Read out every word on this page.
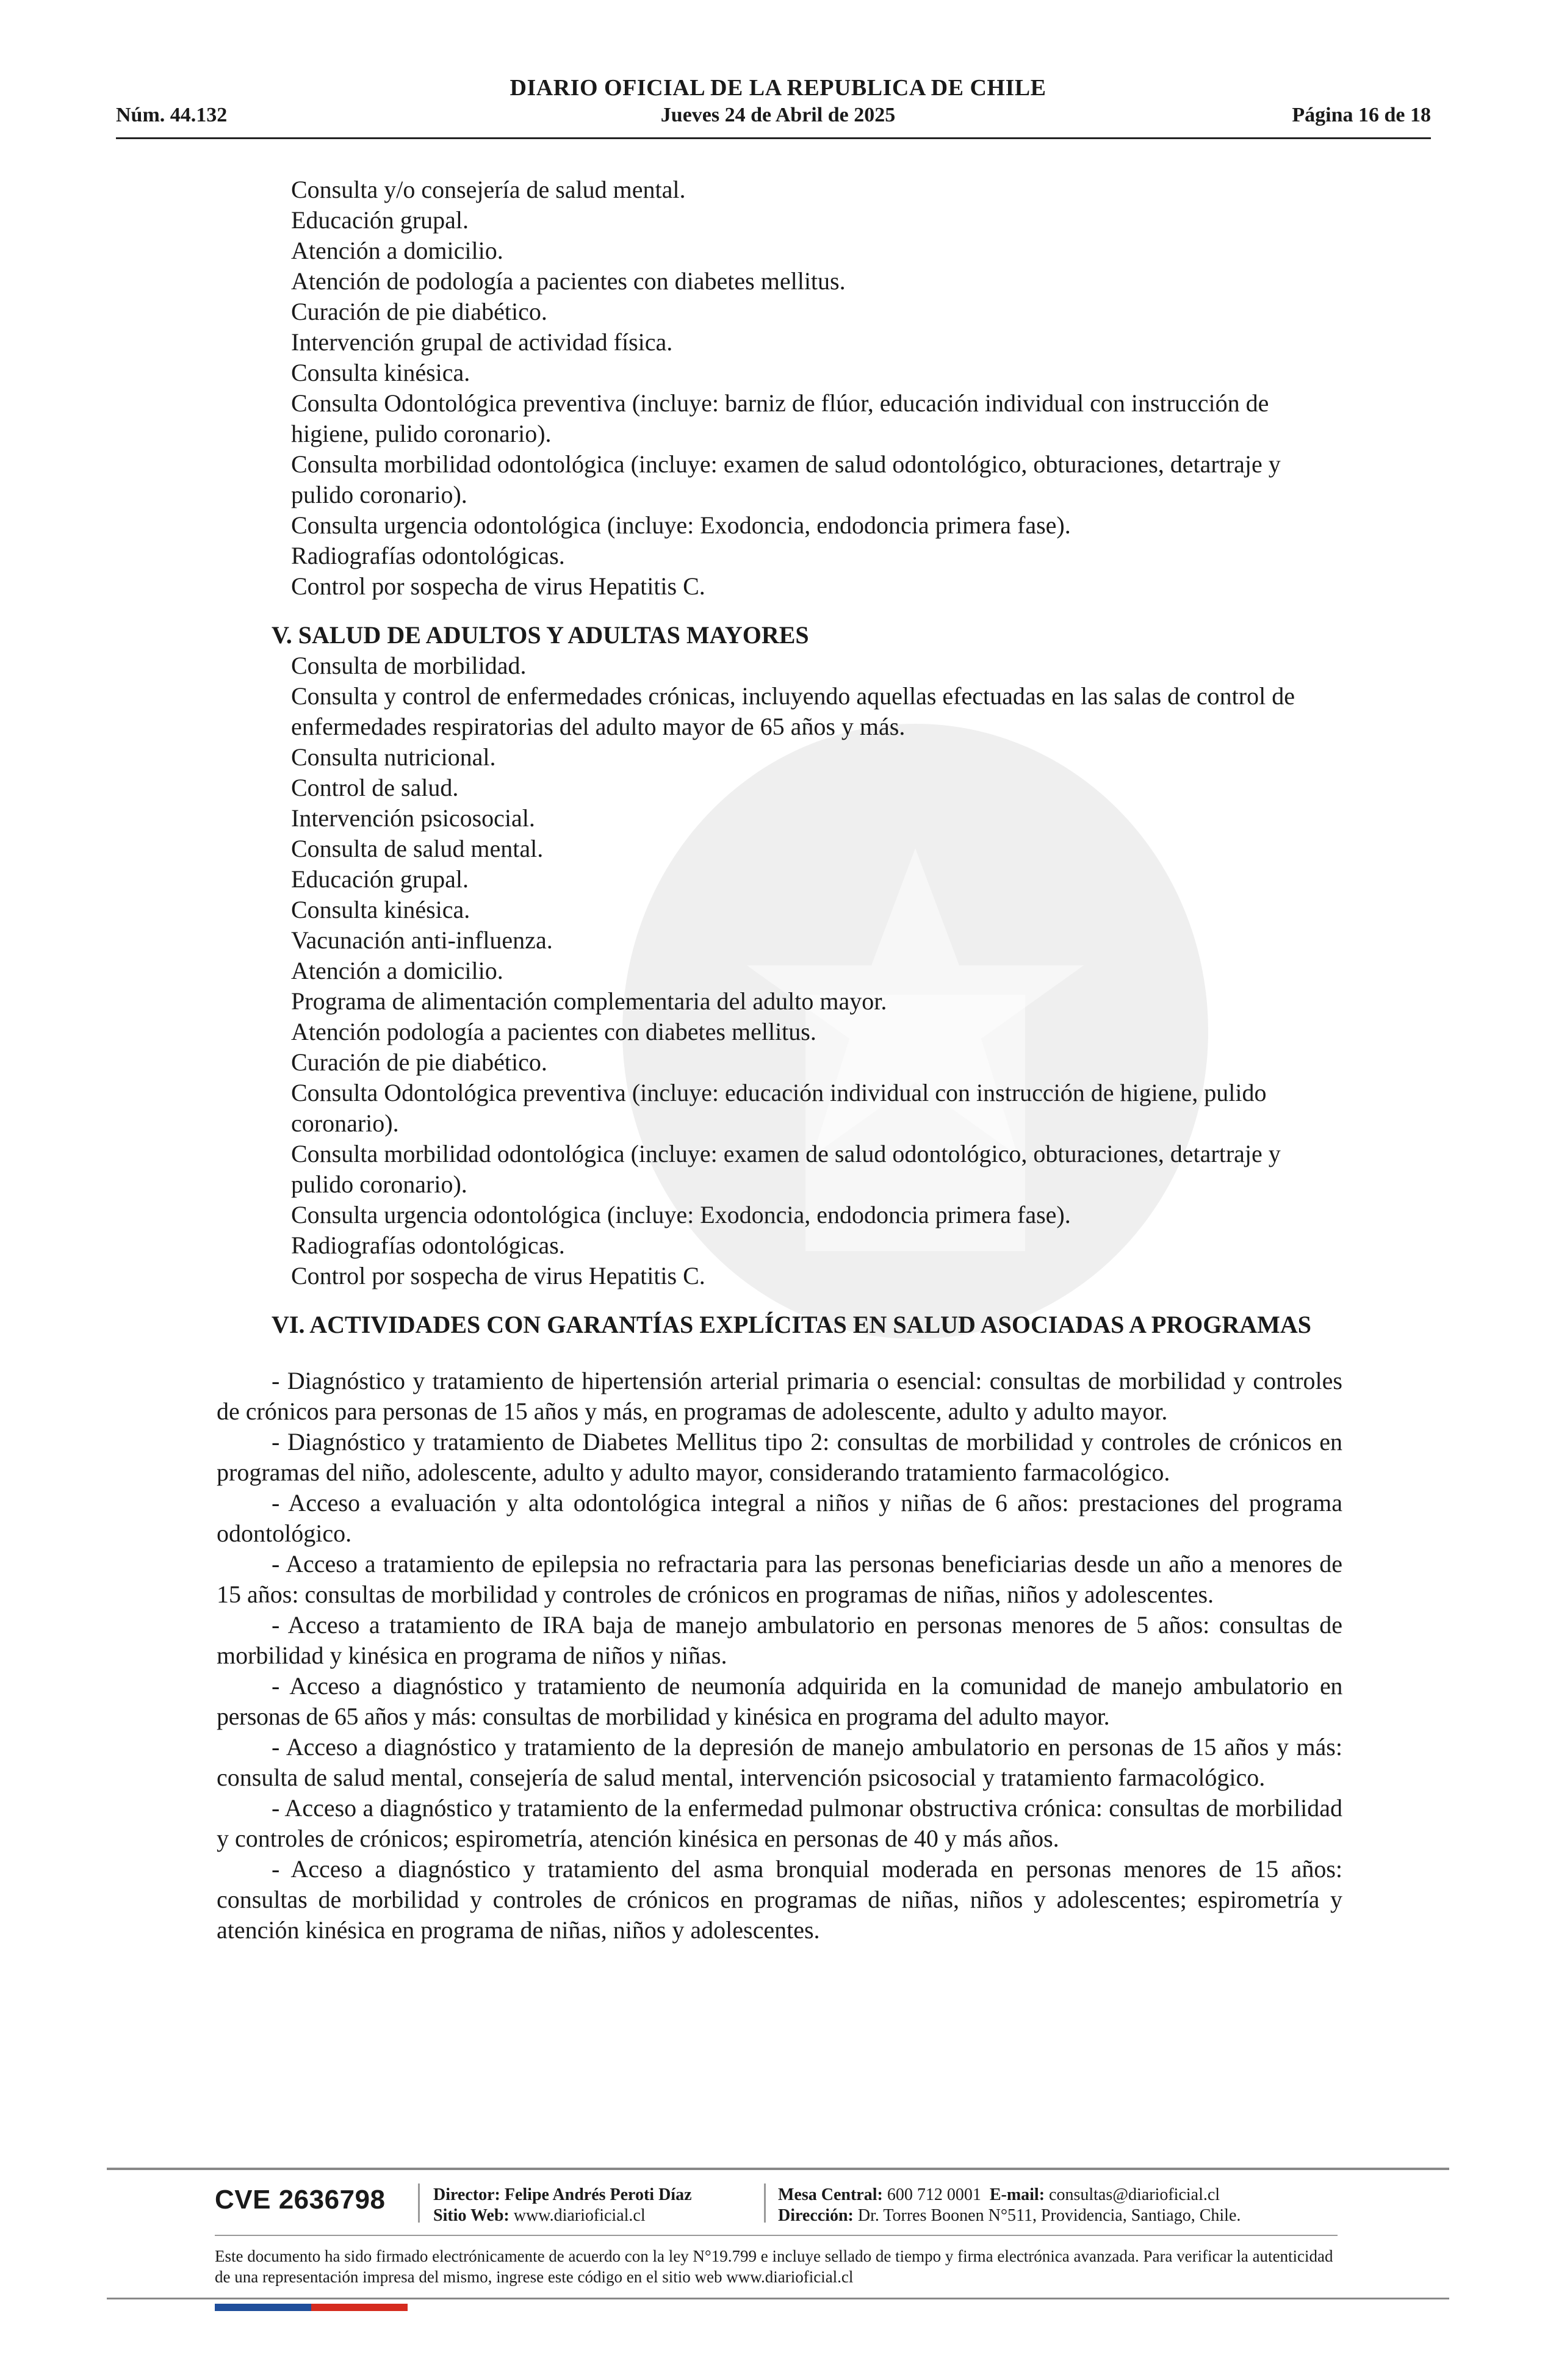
Núm. 44.132
DIARIO OFICIAL DE LA REPUBLICA DE CHILE
Jueves 24 de Abril de 2025	Página 16 de 18
Consulta y/o consejería de salud mental.
Educación grupal.
Atención a domicilio.
Atención de podología a pacientes con diabetes mellitus.
Curación de pie diabético.
Intervención grupal de actividad física.
Consulta kinésica.
Consulta Odontológica preventiva (incluye: barniz de flúor, educación individual con instrucción de higiene, pulido coronario).
Consulta morbilidad odontológica (incluye: examen de salud odontológico, obturaciones, detartraje y pulido coronario).
Consulta urgencia odontológica (incluye: Exodoncia, endodoncia primera fase).
Radiografías odontológicas.
Control por sospecha de virus Hepatitis C.
V. SALUD DE ADULTOS Y ADULTAS MAYORES
Consulta de morbilidad.
Consulta y control de enfermedades crónicas, incluyendo aquellas efectuadas en las salas de control de enfermedades respiratorias del adulto mayor de 65 años y más.
Consulta nutricional.
Control de salud.
Intervención psicosocial.
Consulta de salud mental.
Educación grupal.
Consulta kinésica.
Vacunación anti-influenza.
Atención a domicilio.
Programa de alimentación complementaria del adulto mayor.
Atención podología a pacientes con diabetes mellitus.
Curación de pie diabético.
Consulta Odontológica preventiva (incluye: educación individual con instrucción de higiene, pulido coronario).
Consulta morbilidad odontológica (incluye: examen de salud odontológico, obturaciones, detartraje y pulido coronario).
Consulta urgencia odontológica (incluye: Exodoncia, endodoncia primera fase).
Radiografías odontológicas.
Control por sospecha de virus Hepatitis C.
VI. ACTIVIDADES CON GARANTÍAS EXPLÍCITAS EN SALUD ASOCIADAS A PROGRAMAS
- Diagnóstico y tratamiento de hipertensión arterial primaria o esencial: consultas de morbilidad y controles de crónicos para personas de 15 años y más, en programas de adolescente, adulto y adulto mayor.
- Diagnóstico y tratamiento de Diabetes Mellitus tipo 2: consultas de morbilidad y controles de crónicos en programas del niño, adolescente, adulto y adulto mayor, considerando tratamiento farmacológico.
- Acceso a evaluación y alta odontológica integral a niños y niñas de 6 años: prestaciones del programa odontológico.
- Acceso a tratamiento de epilepsia no refractaria para las personas beneficiarias desde un año a menores de 15 años: consultas de morbilidad y controles de crónicos en programas de niñas, niños y adolescentes.
- Acceso a tratamiento de IRA baja de manejo ambulatorio en personas menores de 5 años: consultas de morbilidad y kinésica en programa de niños y niñas.
- Acceso a diagnóstico y tratamiento de neumonía adquirida en la comunidad de manejo ambulatorio en personas de 65 años y más: consultas de morbilidad y kinésica en programa del adulto mayor.
- Acceso a diagnóstico y tratamiento de la depresión de manejo ambulatorio en personas de 15 años y más: consulta de salud mental, consejería de salud mental, intervención psicosocial y tratamiento farmacológico.
- Acceso a diagnóstico y tratamiento de la enfermedad pulmonar obstructiva crónica: consultas de morbilidad y controles de crónicos; espirometría, atención kinésica en personas de 40 y más años.
- Acceso a diagnóstico y tratamiento del asma bronquial moderada en personas menores de 15 años: consultas de morbilidad y controles de crónicos en programas de niñas, niños y adolescentes; espirometría y atención kinésica en programa de niñas, niños y adolescentes.
CVE 2636798	Director: Felipe Andrés Peroti Díaz
Sitio Web: www.diarioficial.cl
Mesa Central: 600 712 0001 E-mail: consultas@diarioficial.cl
Dirección: Dr. Torres Boonen N°511, Providencia, Santiago, Chile.
Este documento ha sido firmado electrónicamente de acuerdo con la ley N°19.799 e incluye sellado de tiempo y firma electrónica avanzada. Para verificar la autenticidad de una representación impresa del mismo, ingrese este código en el sitio web www.diarioficial.cl
